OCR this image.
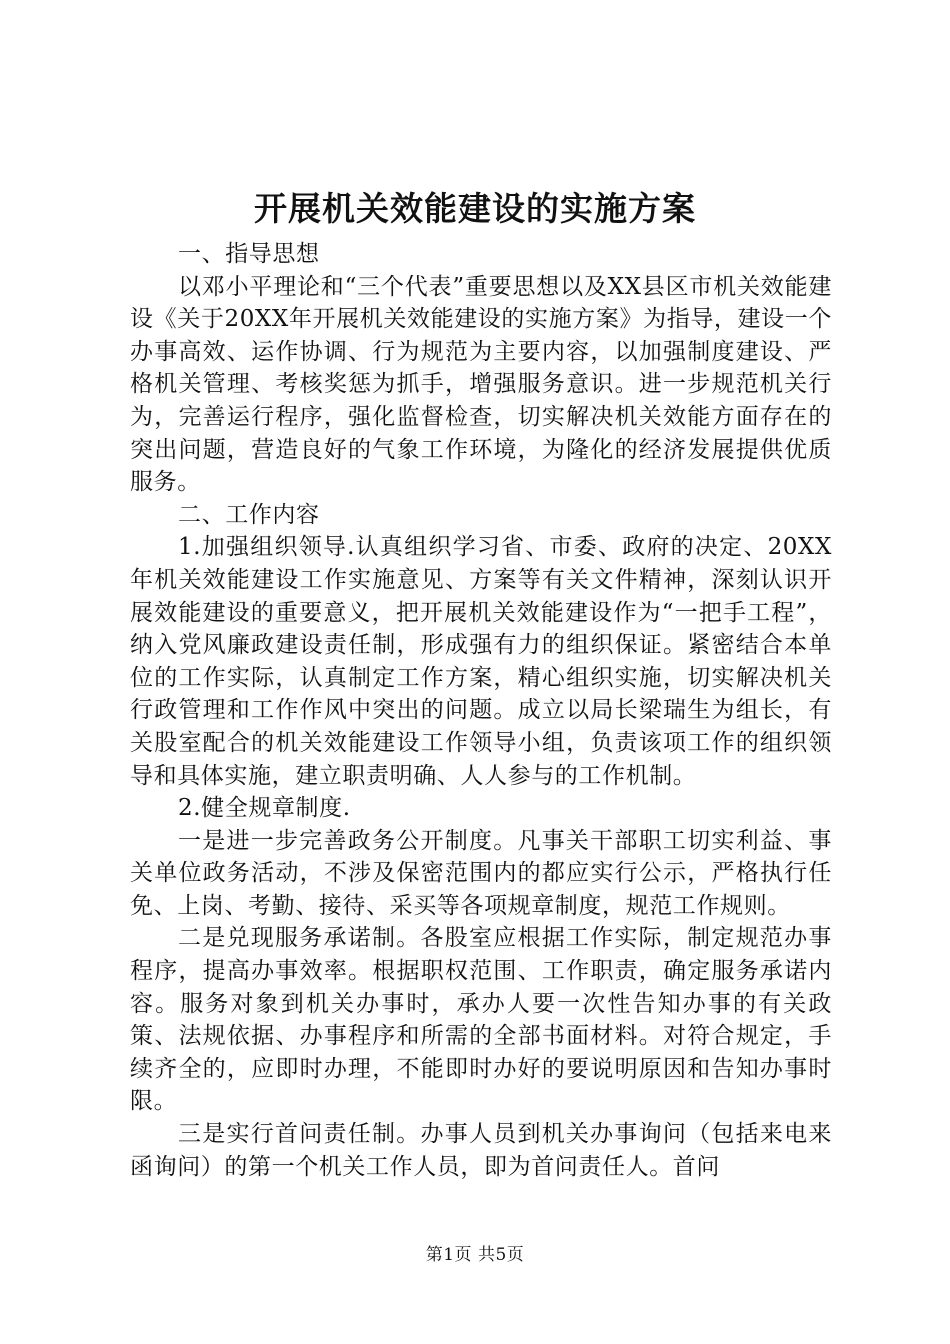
开展机关效能建设的实施方案

一、指导思想

以邓小平理论和“三个代表”重要思想以及XX县区市机关效能建设《关于20XX年开展机关效能建设的实施方案》为指导，建设一个办事高效、运作协调、行为规范为主要内容，以加强制度建设、严格机关管理、考核奖惩为抓手，增强服务意识。进一步规范机关行为，完善运行程序，强化监督检查，切实解决机关效能方面存在的突出问题，营造良好的气象工作环境，为隆化的经济发展提供优质服务。

二、工作内容

1.加强组织领导.认真组织学习省、市委、政府的决定、20XX年机关效能建设工作实施意见、方案等有关文件精神，深刻认识开展效能建设的重要意义，把开展机关效能建设作为“一把手工程”，纳入党风廉政建设责任制，形成强有力的组织保证。紧密结合本单位的工作实际，认真制定工作方案，精心组织实施，切实解决机关行政管理和工作作风中突出的问题。成立以局长梁瑞生为组长，有关股室配合的机关效能建设工作领导小组，负责该项工作的组织领导和具体实施，建立职责明确、人人参与的工作机制。

2.健全规章制度.

一是进一步完善政务公开制度。凡事关干部职工切实利益、事关单位政务活动，不涉及保密范围内的都应实行公示，严格执行任免、上岗、考勤、接待、采买等各项规章制度，规范工作规则。

二是兑现服务承诺制。各股室应根据工作实际，制定规范办事程序，提高办事效率。根据职权范围、工作职责，确定服务承诺内容。服务对象到机关办事时，承办人要一次性告知办事的有关政策、法规依据、办事程序和所需的全部书面材料。对符合规定，手续齐全的，应即时办理，不能即时办好的要说明原因和告知办事时限。

三是实行首问责任制。办事人员到机关办事询问（包括来电来函询问）的第一个机关工作人员，即为首问责任人。首问

第1页 共5页
